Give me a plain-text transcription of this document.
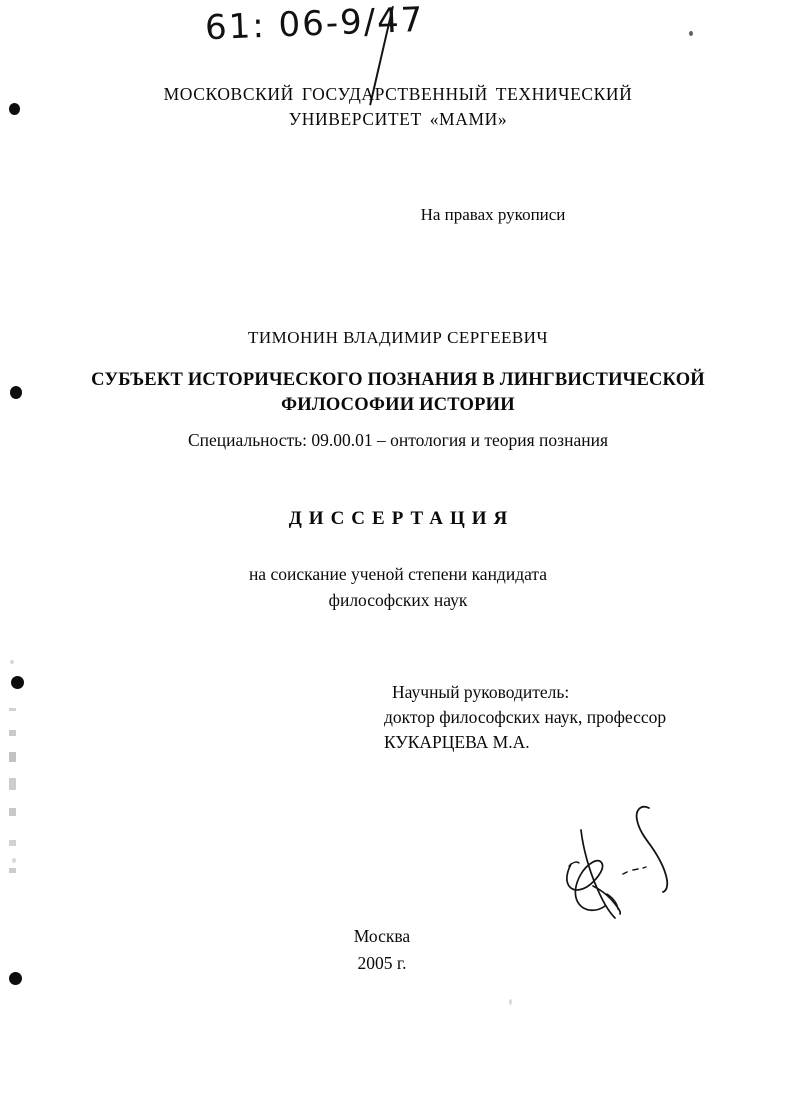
61: 06-9/47
МОСКОВСКИЙ ГОСУДАРСТВЕННЫЙ ТЕХНИЧЕСКИЙ
УНИВЕРСИТЕТ «МАМИ»
На правах рукописи
ТИМОНИН ВЛАДИМИР СЕРГЕЕВИЧ
СУБЪЕКТ ИСТОРИЧЕСКОГО ПОЗНАНИЯ В ЛИНГВИСТИЧЕСКОЙ
ФИЛОСОФИИ ИСТОРИИ
Специальность: 09.00.01 – онтология и теория познания
ДИССЕРТАЦИЯ
на соискание ученой степени кандидата
философских наук
Научный руководитель:
доктор философских наук, профессор
КУКАРЦЕВА М.А.
Москва
2005 г.
